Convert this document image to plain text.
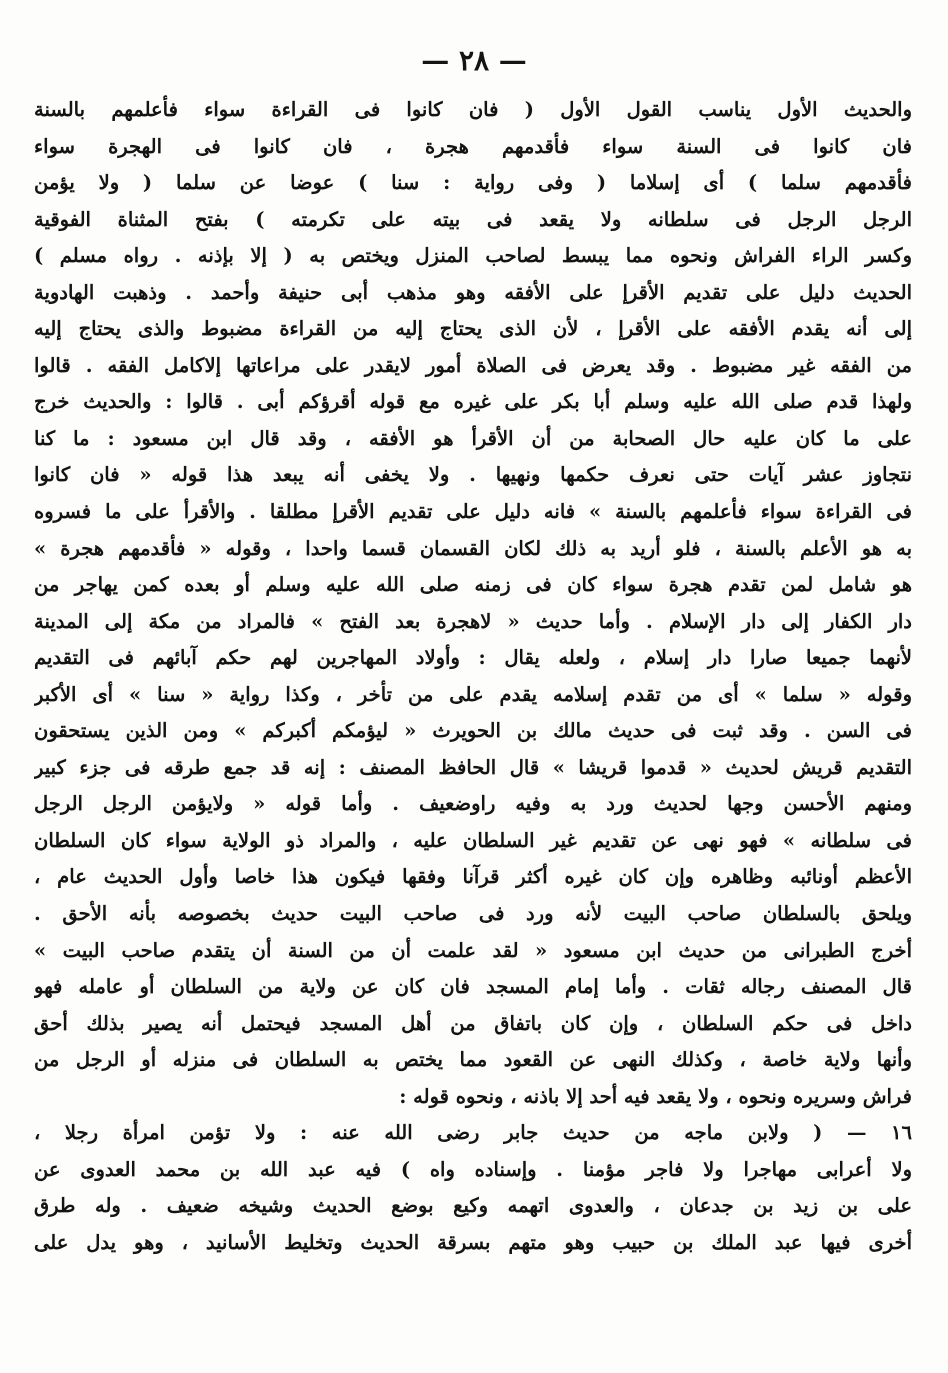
— ٢٨ —
والحديث الأول يناسب القول الأول ( فان كانوا فى القراءة سواء فأعلمهم بالسنة
فان كانوا فى السنة سواء فأقدمهم هجرة ، فان كانوا فى الهجرة سواء
فأقدمهم سلما ) أى إسلاما ( وفى رواية : سنا ) عوضا عن سلما ( ولا يؤمن
الرجل الرجل فى سلطانه ولا يقعد فى بيته على تكرمته ) بفتح المثناة الفوقية
وكسر الراء الفراش ونحوه مما يبسط لصاحب المنزل ويختص به ( إلا بإذنه . رواه مسلم )
الحديث دليل على تقديم الأقرإ على الأفقه وهو مذهب أبى حنيفة وأحمد . وذهبت الهادوية
إلى أنه يقدم الأفقه على الأقرإ ، لأن الذى يحتاج إليه من القراءة مضبوط والذى يحتاج إليه
من الفقه غير مضبوط . وقد يعرض فى الصلاة أمور لايقدر على مراعاتها إلاكامل الفقه . قالوا
ولهذا قدم صلى الله عليه وسلم أبا بكر على غيره مع قوله أقرؤكم أبى . قالوا : والحديث خرج
على ما كان عليه حال الصحابة من أن الأقرأ هو الأفقه ، وقد قال ابن مسعود : ما كنا
نتجاوز عشر آيات حتى نعرف حكمها ونهيها . ولا يخفى أنه يبعد هذا قوله « فان كانوا
فى القراءة سواء فأعلمهم بالسنة » فانه دليل على تقديم الأقرإ مطلقا . والأقرأ على ما فسروه
به هو الأعلم بالسنة ، فلو أريد به ذلك لكان القسمان قسما واحدا ، وقوله « فأقدمهم هجرة »
هو شامل لمن تقدم هجرة سواء كان فى زمنه صلى الله عليه وسلم أو بعده كمن يهاجر من
دار الكفار إلى دار الإسلام . وأما حديث « لاهجرة بعد الفتح » فالمراد من مكة إلى المدينة
لأنهما جميعا صارا دار إسلام ، ولعله يقال : وأولاد المهاجرين لهم حكم آبائهم فى التقديم
وقوله « سلما » أى من تقدم إسلامه يقدم على من تأخر ، وكذا رواية « سنا » أى الأكبر
فى السن . وقد ثبت فى حديث مالك بن الحويرث « ليؤمكم أكبركم » ومن الذين يستحقون
التقديم قريش لحديث « قدموا قريشا » قال الحافظ المصنف : إنه قد جمع طرقه فى جزء كبير
ومنهم الأحسن وجها لحديث ورد به وفيه راوضعيف . وأما قوله « ولايؤمن الرجل الرجل
فى سلطانه » فهو نهى عن تقديم غير السلطان عليه ، والمراد ذو الولاية سواء كان السلطان
الأعظم أونائبه وظاهره وإن كان غيره أكثر قرآنا وفقها فيكون هذا خاصا وأول الحديث عام ،
ويلحق بالسلطان صاحب البيت لأنه ورد فى صاحب البيت حديث بخصوصه بأنه الأحق .
أخرج الطبرانى من حديث ابن مسعود « لقد علمت أن من السنة أن يتقدم صاحب البيت »
قال المصنف رجاله ثقات . وأما إمام المسجد فان كان عن ولاية من السلطان أو عامله فهو
داخل فى حكم السلطان ، وإن كان باتفاق من أهل المسجد فيحتمل أنه يصير بذلك أحق
وأنها ولاية خاصة ، وكذلك النهى عن القعود مما يختص به السلطان فى منزله أو الرجل من
فراش وسريره ونحوه ، ولا يقعد فيه أحد إلا باذنه ، ونحوه قوله :
١٦ — ( ولابن ماجه من حديث جابر رضى الله عنه : ولا تؤمن امرأة رجلا ،
ولا أعرابى مهاجرا ولا فاجر مؤمنا . وإسناده واه ) فيه عبد الله بن محمد العدوى عن
على بن زيد بن جدعان ، والعدوى اتهمه وكيع بوضع الحديث وشيخه ضعيف . وله طرق
أخرى فيها عبد الملك بن حبيب وهو متهم بسرقة الحديث وتخليط الأسانيد ، وهو يدل على
